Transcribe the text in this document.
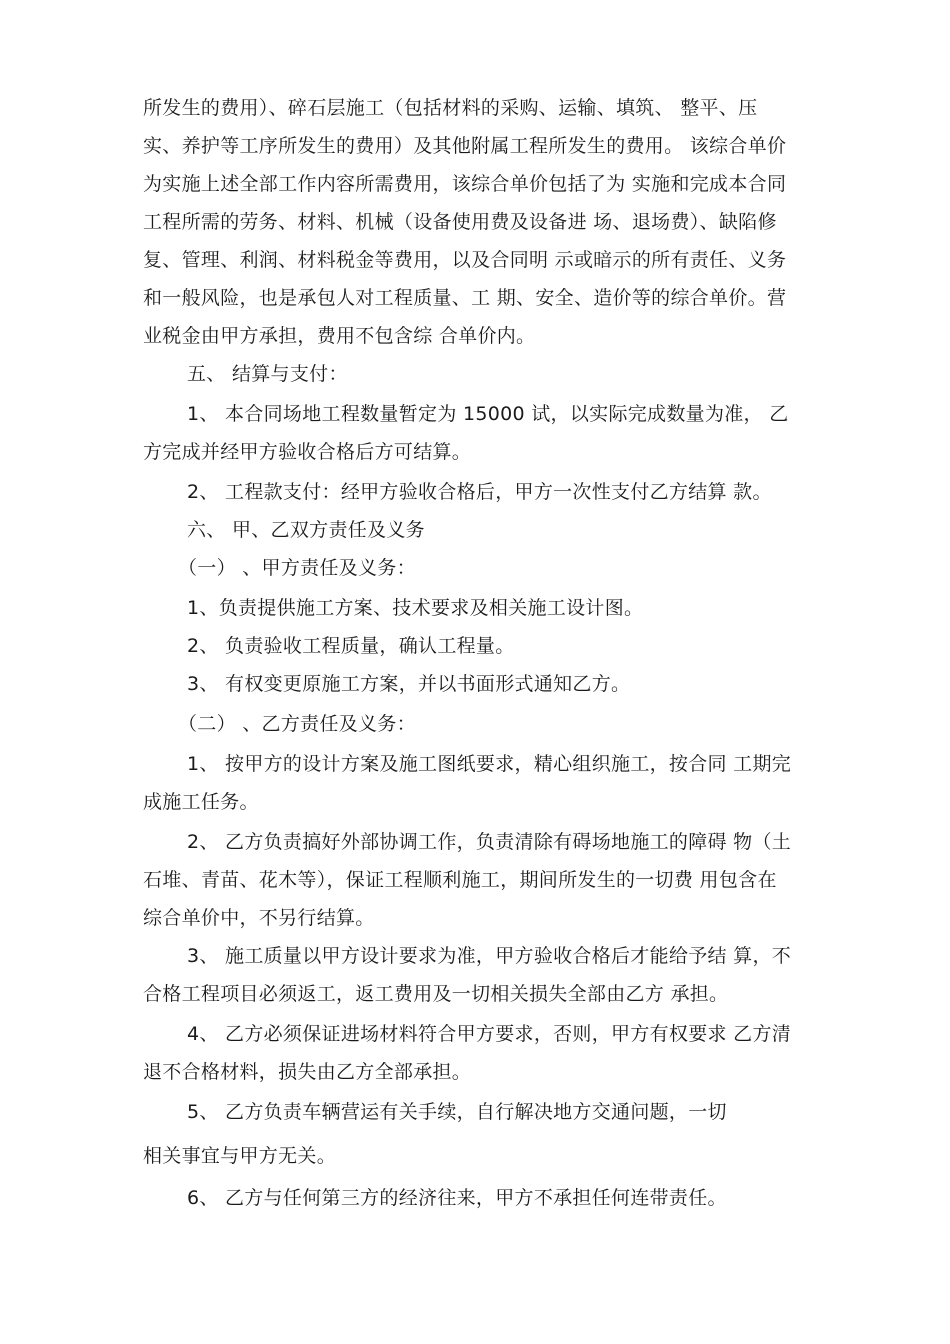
所发生的费用）、碎石层施工（包括材料的采购、运输、填筑、 整平、压
实、养护等工序所发生的费用）及其他附属工程所发生的费用。 该综合单价
为实施上述全部工作内容所需费用，该综合单价包括了为 实施和完成本合同
工程所需的劳务、材料、机械（设备使用费及设备进 场、退场费）、缺陷修
复、管理、利润、材料税金等费用，以及合同明 示或暗示的所有责任、义务
和一般风险，也是承包人对工程质量、工 期、安全、造价等的综合单价。营
业税金由甲方承担，费用不包含综 合单价内。
五、 结算与支付：
1、 本合同场地工程数量暂定为 15000 试，以实际完成数量为准， 乙
方完成并经甲方验收合格后方可结算。
2、 工程款支付：经甲方验收合格后，甲方一次性支付乙方结算 款。
六、 甲、乙双方责任及义务
（一） 、甲方责任及义务：
1、负责提供施工方案、技术要求及相关施工设计图。
2、 负责验收工程质量，确认工程量。
3、 有权变更原施工方案，并以书面形式通知乙方。
（二） 、乙方责任及义务：
1、 按甲方的设计方案及施工图纸要求，精心组织施工，按合同 工期完
成施工任务。
2、 乙方负责搞好外部协调工作，负责清除有碍场地施工的障碍 物（土
石堆、青苗、花木等），保证工程顺利施工，期间所发生的一切费 用包含在
综合单价中，不另行结算。
3、 施工质量以甲方设计要求为准，甲方验收合格后才能给予结 算，不
合格工程项目必须返工，返工费用及一切相关损失全部由乙方 承担。
4、 乙方必须保证进场材料符合甲方要求，否则，甲方有权要求 乙方清
退不合格材料，损失由乙方全部承担。
5、 乙方负责车辆营运有关手续，自行解决地方交通问题，一切
相关事宜与甲方无关。
6、 乙方与任何第三方的经济往来，甲方不承担任何连带责任。
